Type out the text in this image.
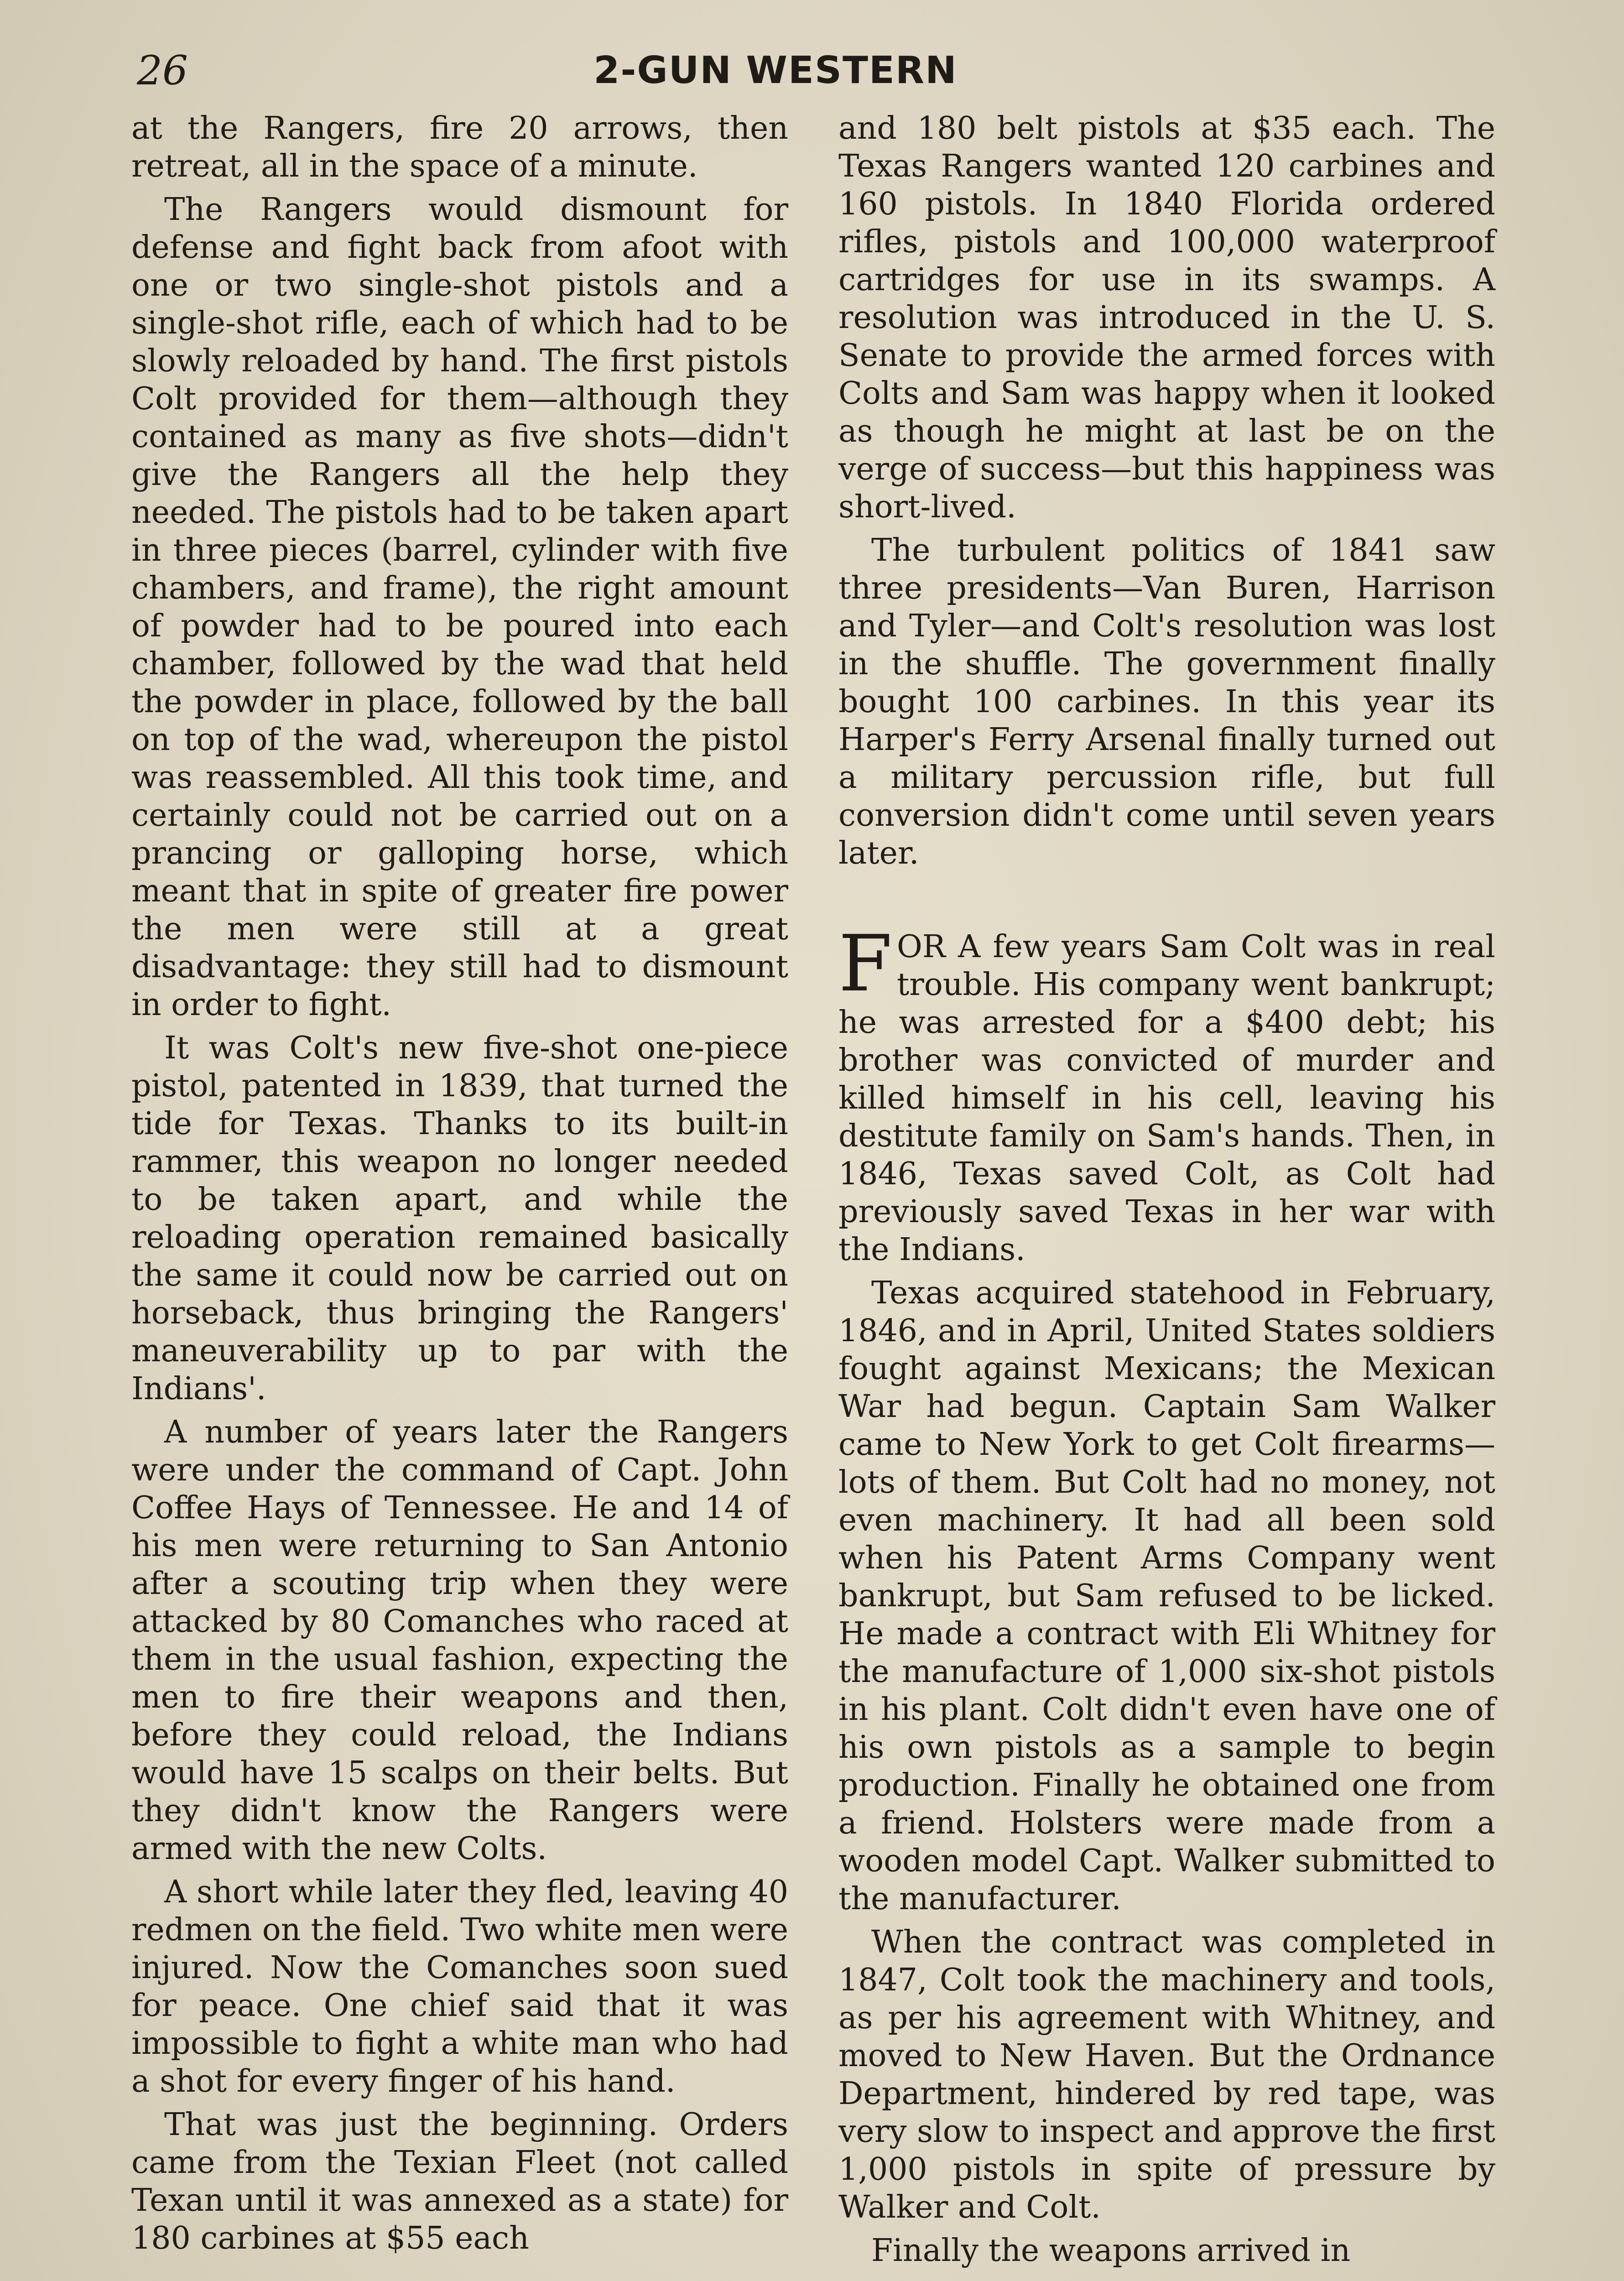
26	2-GUN WESTERN

at the Rangers, fire 20 arrows, then retreat, all in the space of a minute.

The Rangers would dismount for defense and fight back from afoot with one or two single-shot pistols and a single-shot rifle, each of which had to be slowly reloaded by hand. The first pistols Colt provided for them—although they contained as many as five shots—didn't give the Rangers all the help they needed. The pistols had to be taken apart in three pieces (barrel, cylinder with five chambers, and frame), the right amount of powder had to be poured into each chamber, followed by the wad that held the powder in place, followed by the ball on top of the wad, whereupon the pistol was reassembled. All this took time, and certainly could not be carried out on a prancing or galloping horse, which meant that in spite of greater fire power the men were still at a great disadvantage: they still had to dismount in order to fight.

It was Colt's new five-shot one-piece pistol, patented in 1839, that turned the tide for Texas. Thanks to its built-in rammer, this weapon no longer needed to be taken apart, and while the reloading operation remained basically the same it could now be carried out on horseback, thus bringing the Rangers' maneuverability up to par with the Indians'.

A number of years later the Rangers were under the command of Capt. John Coffee Hays of Tennessee. He and 14 of his men were returning to San Antonio after a scouting trip when they were attacked by 80 Comanches who raced at them in the usual fashion, expecting the men to fire their weapons and then, before they could reload, the Indians would have 15 scalps on their belts. But they didn't know the Rangers were armed with the new Colts.

A short while later they fled, leaving 40 redmen on the field. Two white men were injured. Now the Comanches soon sued for peace. One chief said that it was impossible to fight a white man who had a shot for every finger of his hand.

That was just the beginning. Orders came from the Texian Fleet (not called Texan until it was annexed as a state) for 180 carbines at $55 each

and 180 belt pistols at $35 each. The Texas Rangers wanted 120 carbines and 160 pistols. In 1840 Florida ordered rifles, pistols and 100,000 waterproof cartridges for use in its swamps. A resolution was introduced in the U. S. Senate to provide the armed forces with Colts and Sam was happy when it looked as though he might at last be on the verge of success—but this happiness was short-lived.

The turbulent politics of 1841 saw three presidents—Van Buren, Harrison and Tyler—and Colt's resolution was lost in the shuffle. The government finally bought 100 carbines. In this year its Harper's Ferry Arsenal finally turned out a military percussion rifle, but full conversion didn't come until seven years later.

FOR A few years Sam Colt was in real trouble. His company went bankrupt; he was arrested for a $400 debt; his brother was convicted of murder and killed himself in his cell, leaving his destitute family on Sam's hands. Then, in 1846, Texas saved Colt, as Colt had previously saved Texas in her war with the Indians.

Texas acquired statehood in February, 1846, and in April, United States soldiers fought against Mexicans; the Mexican War had begun. Captain Sam Walker came to New York to get Colt firearms—lots of them. But Colt had no money, not even machinery. It had all been sold when his Patent Arms Company went bankrupt, but Sam refused to be licked. He made a contract with Eli Whitney for the manufacture of 1,000 six-shot pistols in his plant. Colt didn't even have one of his own pistols as a sample to begin production. Finally he obtained one from a friend. Holsters were made from a wooden model Capt. Walker submitted to the manufacturer.

When the contract was completed in 1847, Colt took the machinery and tools, as per his agreement with Whitney, and moved to New Haven. But the Ordnance Department, hindered by red tape, was very slow to inspect and approve the first 1,000 pistols in spite of pressure by Walker and Colt.

Finally the weapons arrived in
